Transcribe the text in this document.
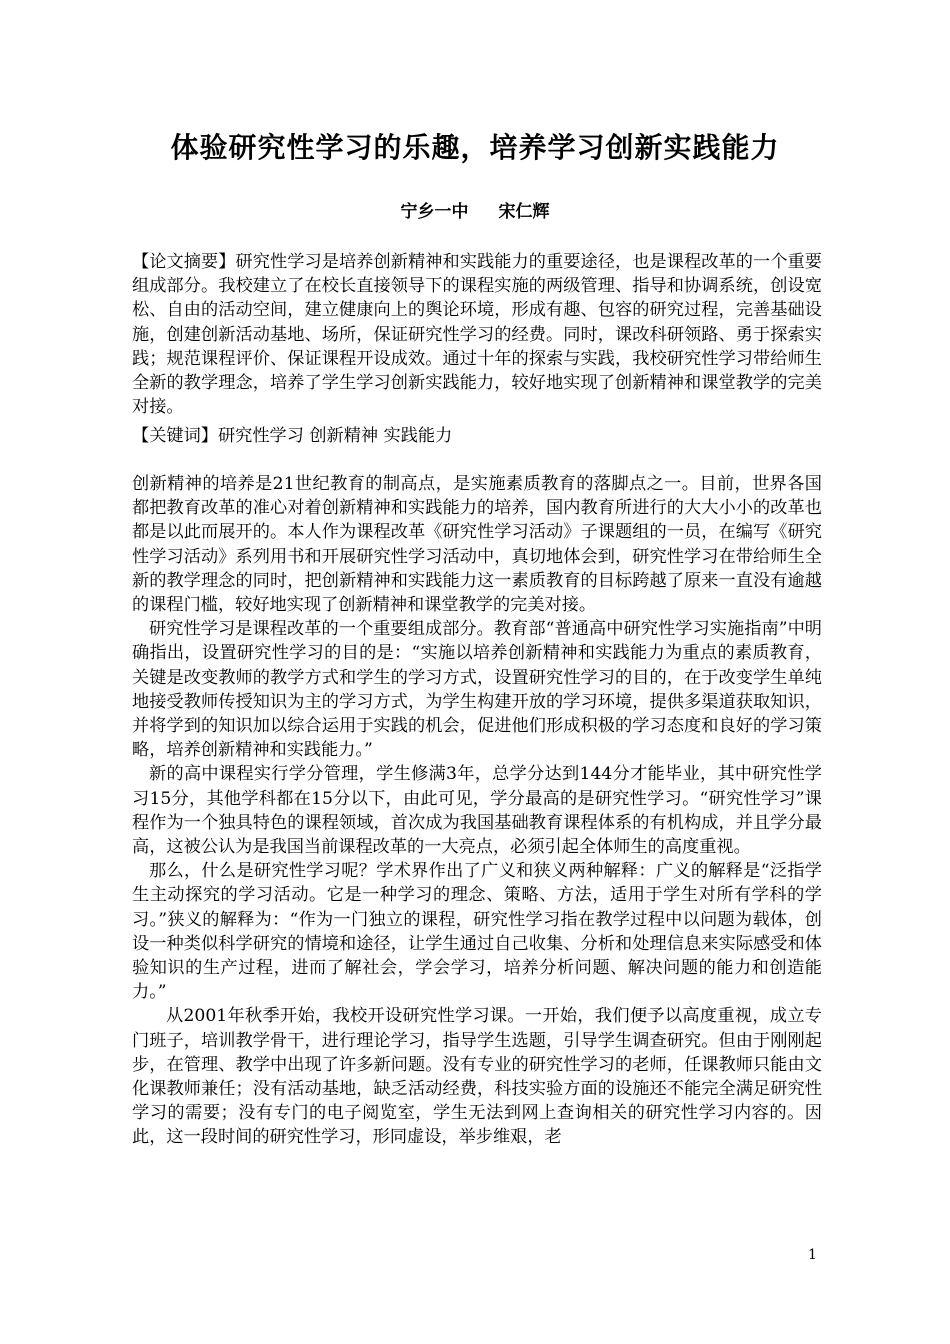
体验研究性学习的乐趣，培养学习创新实践能力
宁乡一中 宋仁辉
【论文摘要】研究性学习是培养创新精神和实践能力的重要途径，也是课程改革的一个重要组成部分。我校建立了在校长直接领导下的课程实施的两级管理、指导和协调系统，创设宽松、自由的活动空间，建立健康向上的舆论环境，形成有趣、包容的研究过程，完善基础设施，创建创新活动基地、场所，保证研究性学习的经费。同时，课改科研领路、勇于探索实践；规范课程评价、保证课程开设成效。通过十年的探索与实践，我校研究性学习带给师生全新的教学理念，培养了学生学习创新实践能力，较好地实现了创新精神和课堂教学的完美对接。
【关键词】研究性学习 创新精神 实践能力

创新精神的培养是21世纪教育的制高点，是实施素质教育的落脚点之一。目前，世界各国都把教育改革的准心对着创新精神和实践能力的培养，国内教育所进行的大大小小的改革也都是以此而展开的。本人作为课程改革《研究性学习活动》子课题组的一员，在编写《研究性学习活动》系列用书和开展研究性学习活动中，真切地体会到，研究性学习在带给师生全新的教学理念的同时，把创新精神和实践能力这一素质教育的目标跨越了原来一直没有逾越的课程门槛，较好地实现了创新精神和课堂教学的完美对接。

研究性学习是课程改革的一个重要组成部分。教育部“普通高中研究性学习实施指南”中明确指出，设置研究性学习的目的是：“实施以培养创新精神和实践能力为重点的素质教育，关键是改变教师的教学方式和学生的学习方式，设置研究性学习的目的，在于改变学生单纯地接受教师传授知识为主的学习方式，为学生构建开放的学习环境，提供多渠道获取知识，并将学到的知识加以综合运用于实践的机会，促进他们形成积极的学习态度和良好的学习策略，培养创新精神和实践能力。”

新的高中课程实行学分管理，学生修满3年，总学分达到144分才能毕业，其中研究性学习15分，其他学科都在15分以下，由此可见，学分最高的是研究性学习。“研究性学习”课程作为一个独具特色的课程领域，首次成为我国基础教育课程体系的有机构成，并且学分最高，这被公认为是我国当前课程改革的一大亮点，必须引起全体师生的高度重视。

那么，什么是研究性学习呢？学术界作出了广义和狭义两种解释：广义的解释是“泛指学生主动探究的学习活动。它是一种学习的理念、策略、方法，适用于学生对所有学科的学习。”狭义的解释为：“作为一门独立的课程，研究性学习指在教学过程中以问题为载体，创设一种类似科学研究的情境和途径，让学生通过自己收集、分析和处理信息来实际感受和体验知识的生产过程，进而了解社会，学会学习，培养分析问题、解决问题的能力和创造能力。”

从2001年秋季开始，我校开设研究性学习课。一开始，我们便予以高度重视，成立专门班子，培训教学骨干，进行理论学习，指导学生选题，引导学生调查研究。但由于刚刚起步，在管理、教学中出现了许多新问题。没有专业的研究性学习的老师，任课教师只能由文化课教师兼任；没有活动基地，缺乏活动经费，科技实验方面的设施还不能完全满足研究性学习的需要；没有专门的电子阅览室，学生无法到网上查询相关的研究性学习内容的。因此，这一段时间的研究性学习，形同虚设，举步维艰，老

1
